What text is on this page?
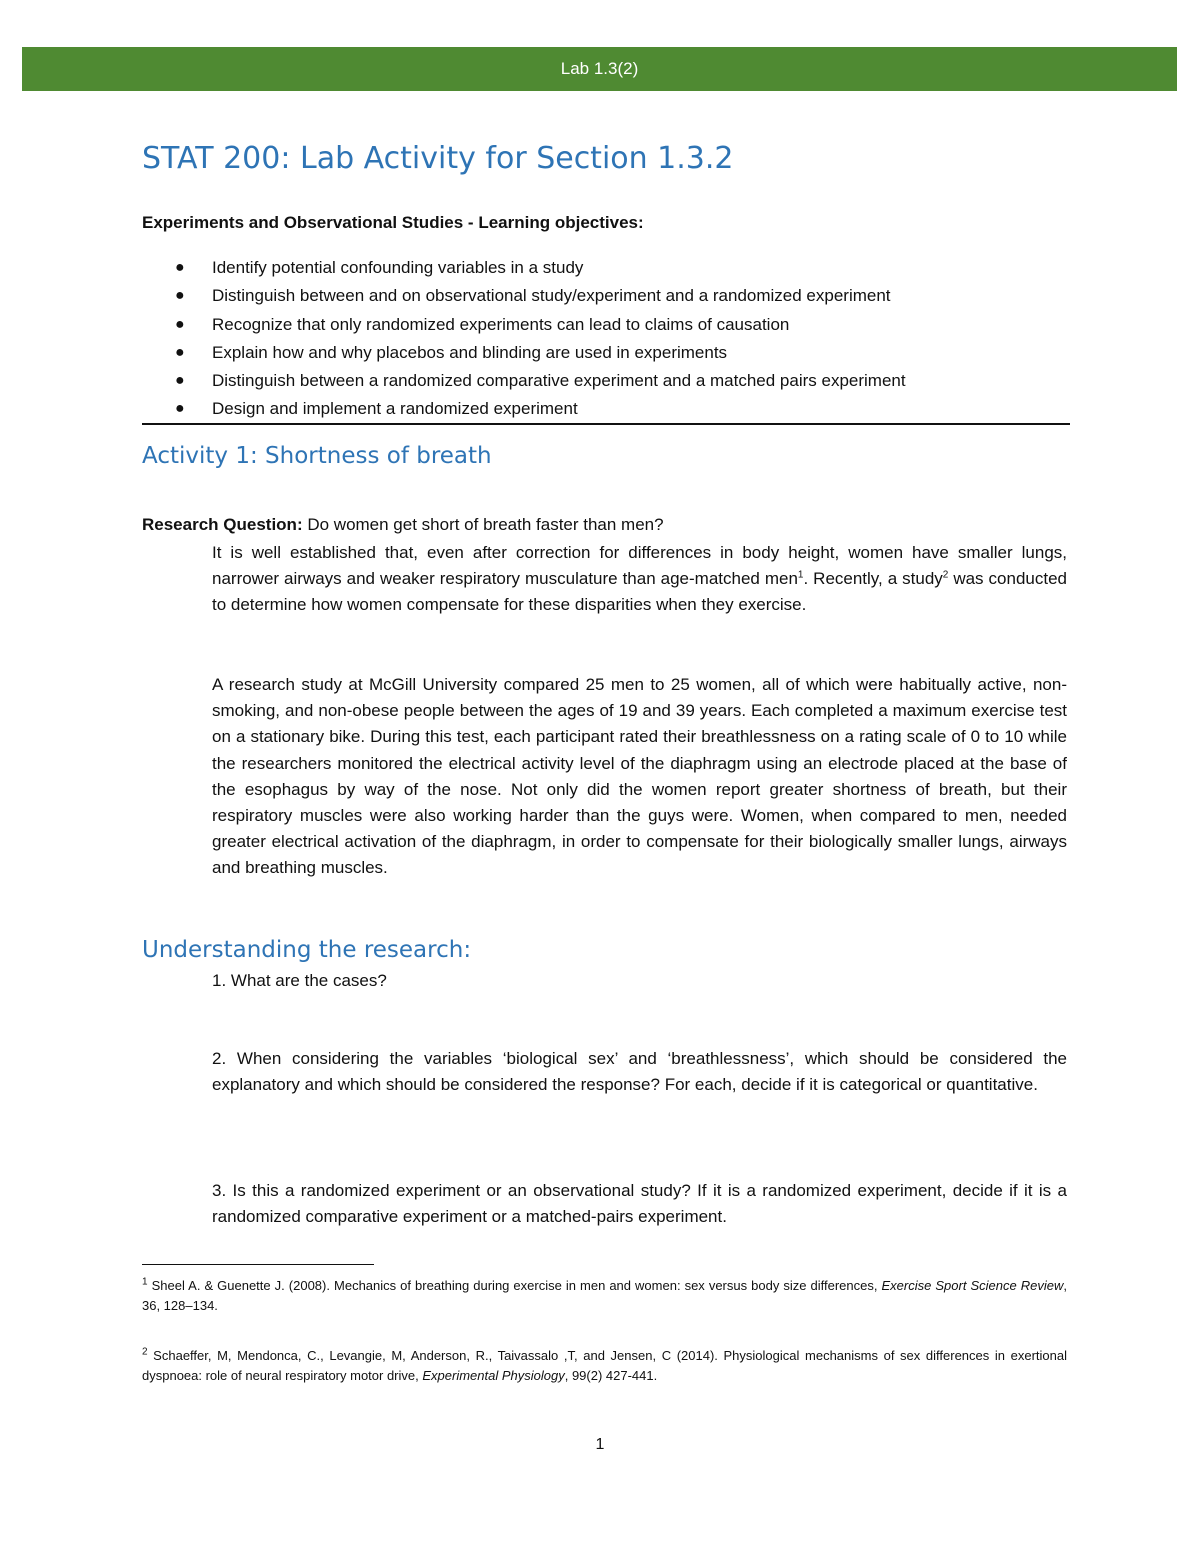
Lab 1.3(2)
STAT 200: Lab Activity for Section 1.3.2

Experiments and Observational Studies - Learning objectives:

● Identify potential confounding variables in a study
● Distinguish between and on observational study/experiment and a randomized experiment
● Recognize that only randomized experiments can lead to claims of causation
● Explain how and why placebos and blinding are used in experiments
● Distinguish between a randomized comparative experiment and a matched pairs experiment
● Design and implement a randomized experiment
Activity 1: Shortness of breath

Research Question: Do women get short of breath faster than men?

It is well established that, even after correction for differences in body height, women have smaller lungs, narrower airways and weaker respiratory musculature than age-matched men$^1$. Recently, a study$^2$ was conducted to determine how women compensate for these disparities when they exercise.

A research study at McGill University compared 25 men to 25 women, all of which were habitually active, non-smoking, and non-obese people between the ages of 19 and 39 years. Each completed a maximum exercise test on a stationary bike. During this test, each participant rated their breathlessness on a rating scale of 0 to 10 while the researchers monitored the electrical activity level of the diaphragm using an electrode placed at the base of the esophagus by way of the nose. Not only did the women report greater shortness of breath, but their respiratory muscles were also working harder than the guys were. Women, when compared to men, needed greater electrical activation of the diaphragm, in order to compensate for their biologically smaller lungs, airways and breathing muscles.

Understanding the research:

1. What are the cases?

2. When considering the variables ‘biological sex’ and ‘breathlessness’, which should be considered the explanatory and which should be considered the response? For each, decide if it is categorical or quantitative.

3. Is this a randomized experiment or an observational study? If it is a randomized experiment, decide if it is a randomized comparative experiment or a matched-pairs experiment.

$^1$ Sheel A. & Guenette J. (2008). Mechanics of breathing during exercise in men and women: sex versus body size differences, Exercise Sport Science Review, 36, 128–134.

$^2$ Schaeffer, M, Mendonca, C., Levangie, M, Anderson, R., Taivassalo ,T, and Jensen, C (2014). Physiological mechanisms of sex differences in exertional dyspnoea: role of neural respiratory motor drive, Experimental Physiology, 99(2) 427-441.

1
